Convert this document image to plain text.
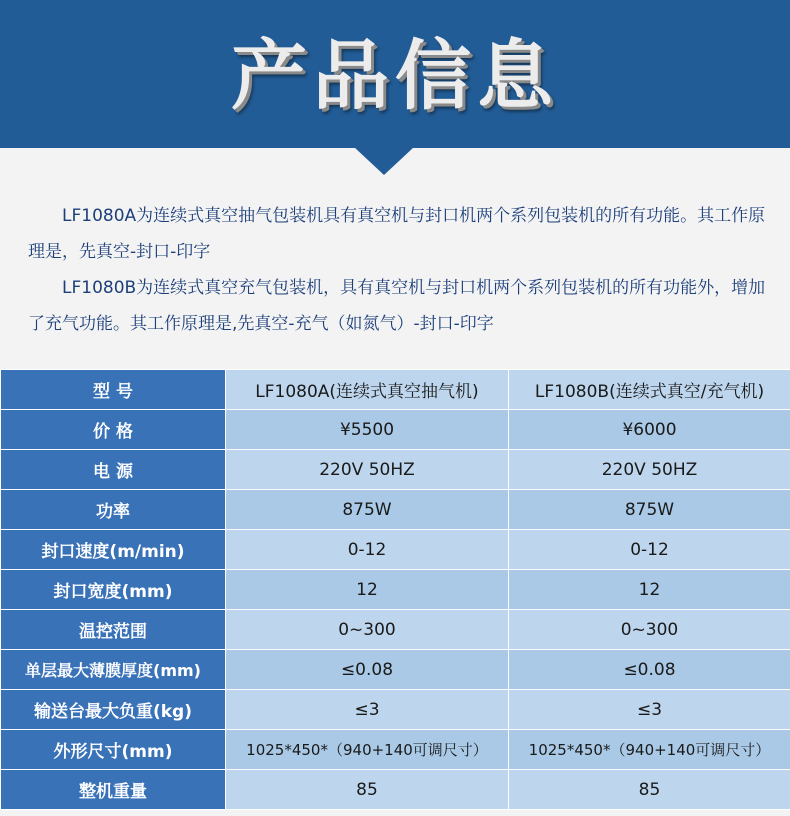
产品信息

LF1080A为连续式真空抽气包装机具有真空机与封口机两个系列包装机的所有功能。其工作原理是，先真空-封口-印字

LF1080B为连续式真空充气包装机，具有真空机与封口机两个系列包装机的所有功能外，增加了充气功能。其工作原理是,先真空-充气（如氮气）-封口-印字

型 号	LF1080A(连续式真空抽气机)	LF1080B(连续式真空/充气机)
价 格	¥5500	¥6000
电 源	220V 50HZ	220V 50HZ
功率	875W	875W
封口速度(m/min)	0-12	0-12
封口宽度(mm)	12	12
温控范围	0~300	0~300
单层最大薄膜厚度(mm)	≤0.08	≤0.08
输送台最大负重(kg)	≤3	≤3
外形尺寸(mm)	1025*450*（940+140可调尺寸）	1025*450*（940+140可调尺寸）
整机重量	85	85
